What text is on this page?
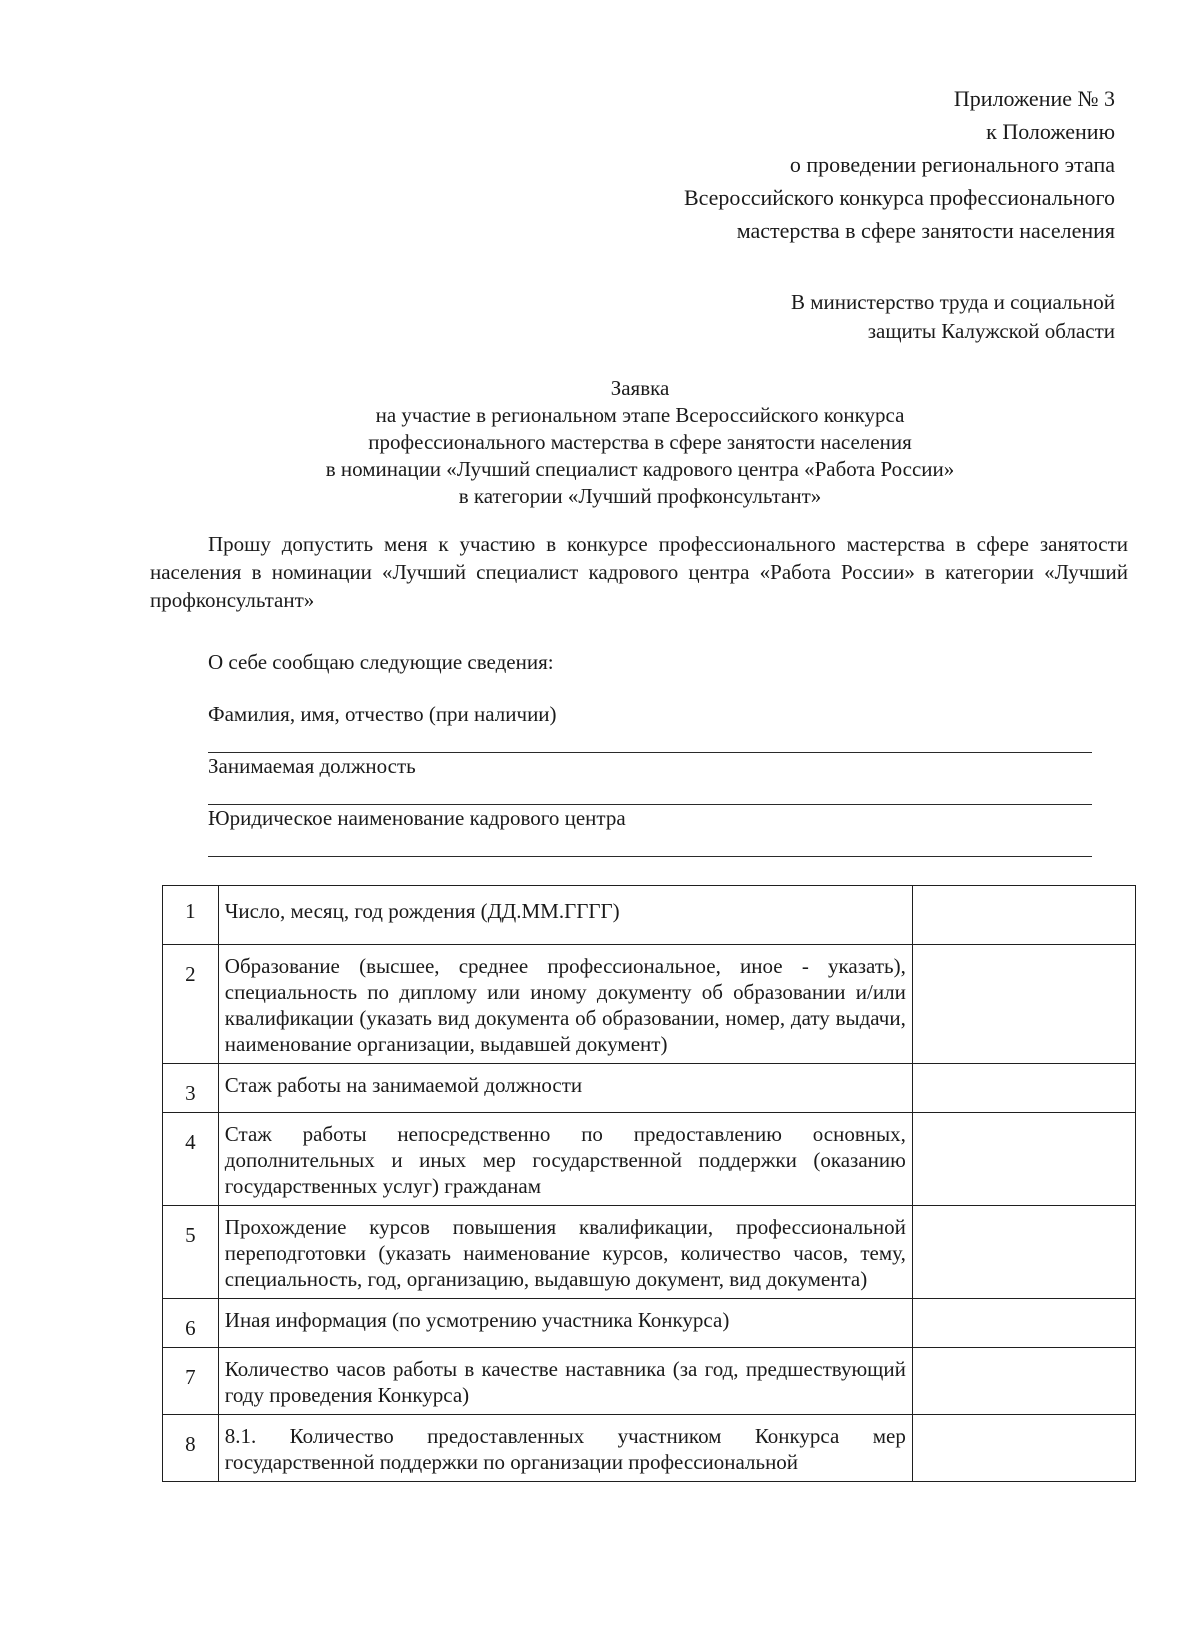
Приложение № 3
к Положению
о проведении регионального этапа
Всероссийского конкурса профессионального
мастерства в сфере занятости населения
В министерство труда и социальной
защиты Калужской области
Заявка
на участие в региональном этапе Всероссийского конкурса
профессионального мастерства в сфере занятости населения
в номинации «Лучший специалист кадрового центра «Работа России»
в категории «Лучший профконсультант»
Прошу допустить меня к участию в конкурсе профессионального мастерства в сфере занятости населения в номинации «Лучший специалист кадрового центра «Работа России» в категории «Лучший профконсультант»
О себе сообщаю следующие сведения:
Фамилия, имя, отчество (при наличии)
Занимаемая должность
Юридическое наименование кадрового центра
1	Число, месяц, год рождения (ДД.ММ.ГГГГ)	
2	Образование (высшее, среднее профессиональное, иное - указать), специальность по диплому или иному документу об образовании и/или квалификации (указать вид документа об образовании, номер, дату выдачи, наименование организации, выдавшей документ)	
3	Стаж работы на занимаемой должности	
4	Стаж работы непосредственно по предоставлению основных, дополнительных и иных мер государственной поддержки (оказанию государственных услуг) гражданам	
5	Прохождение курсов повышения квалификации, профессиональной переподготовки (указать наименование курсов, количество часов, тему, специальность, год, организацию, выдавшую документ, вид документа)	
6	Иная информация (по усмотрению участника Конкурса)	
7	Количество часов работы в качестве наставника (за год, предшествующий году проведения Конкурса)	
8	8.1. Количество предоставленных участником Конкурса мер государственной поддержки по организации профессиональной	
